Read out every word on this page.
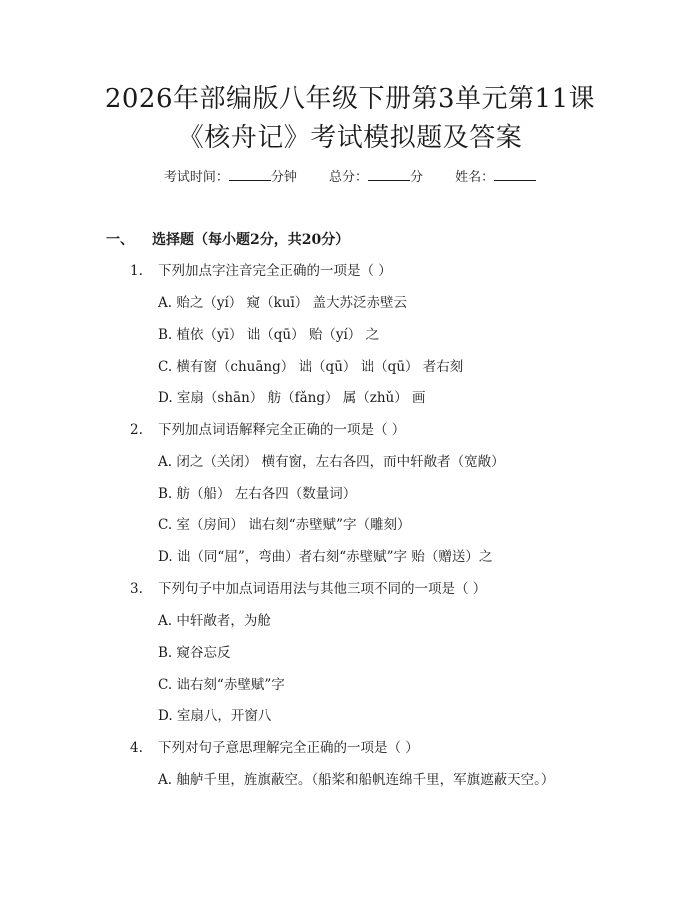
2026年部编版八年级下册第3单元第11课
《核舟记》考试模拟题及答案
考试时间：	分钟 总分：	分 姓名：
一、 选择题（每小题2分，共20分）
1. 下列加点字注音完全正确的一项是（ ）
A. 贻之（yí） 窥（kuī） 盖大苏泛赤壁云
B. 植依（yī） 诎（qū） 贻（yí） 之
C. 横有窗（chuāng） 诎（qū） 诎（qū） 者右刻
D. 室扇（shān） 舫（fǎng） 属（zhǔ） 画
2. 下列加点词语解释完全正确的一项是（ ）
A. 闭之（关闭） 横有窗，左右各四，而中轩敞者（宽敞）
B. 舫（船） 左右各四（数量词）
C. 室（房间） 诎右刻“赤壁赋”字（雕刻）
D. 诎（同“屈”，弯曲）者右刻“赤壁赋”字 贻（赠送）之
3. 下列句子中加点词语用法与其他三项不同的一项是（ ）
A. 中轩敞者，为舱
B. 窥谷忘反
C. 诎右刻“赤壁赋”字
D. 室扇八，开窗八
4. 下列对句子意思理解完全正确的一项是（ ）
A. 舳舻千里，旌旗蔽空。（船桨和船帆连绵千里，军旗遮蔽天空。）
